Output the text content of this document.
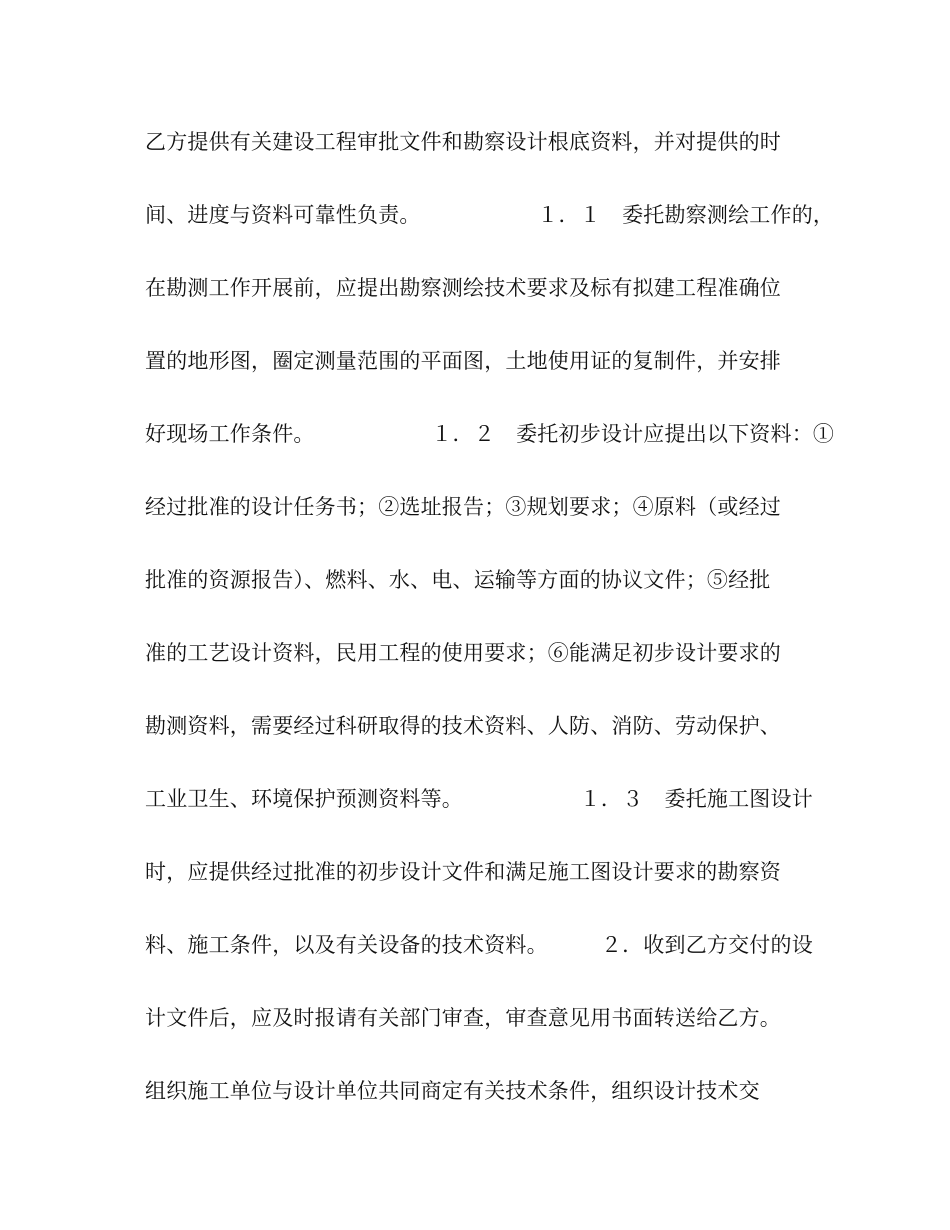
乙方提供有关建设工程审批文件和勘察设计根底资料，并对提供的时
间、进度与资料可靠性负责。　　　　　　１．１　委托勘察测绘工作的，
在勘测工作开展前，应提出勘察测绘技术要求及标有拟建工程准确位
置的地形图，圈定测量范围的平面图，土地使用证的复制件，并安排
好现场工作条件。　　　　　　１．２　委托初步设计应提出以下资料：①
经过批准的设计任务书；②选址报告；③规划要求；④原料（或经过
批准的资源报告）、燃料、水、电、运输等方面的协议文件；⑤经批
准的工艺设计资料，民用工程的使用要求；⑥能满足初步设计要求的
勘测资料，需要经过科研取得的技术资料、人防、消防、劳动保护、
工业卫生、环境保护预测资料等。　　　　　　１．３　委托施工图设计
时，应提供经过批准的初步设计文件和满足施工图设计要求的勘察资
料、施工条件，以及有关设备的技术资料。　　　２．收到乙方交付的设
计文件后，应及时报请有关部门审查，审查意见用书面转送给乙方。
组织施工单位与设计单位共同商定有关技术条件，组织设计技术交
